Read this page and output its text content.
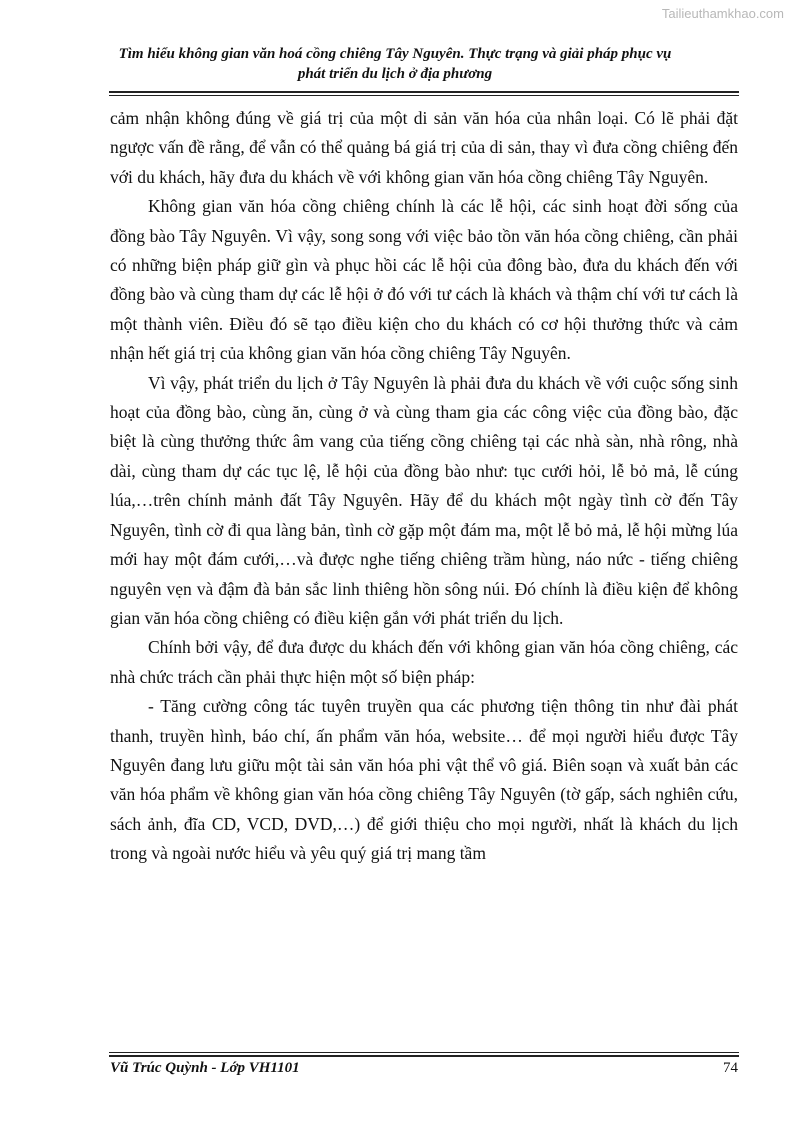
Tailieuthamkhao.com
Tìm hiểu không gian văn hoá cồng chiêng Tây Nguyên. Thực trạng và giải pháp phục vụ
phát triển du lịch ở địa phương

cảm nhận không đúng về giá trị của một di sản văn hóa của nhân loại. Có lẽ phải đặt ngược vấn đề rằng, để vẫn có thể quảng bá giá trị của di sản, thay vì đưa cồng chiêng đến với du khách, hãy đưa du khách về với không gian văn hóa cồng chiêng Tây Nguyên.

Không gian văn hóa cồng chiêng chính là các lễ hội, các sinh hoạt đời sống của đồng bào Tây Nguyên. Vì vậy, song song với việc bảo tồn văn hóa cồng chiêng, cần phải có những biện pháp giữ gìn và phục hồi các lễ hội của đông bào, đưa du khách đến với đồng bào và cùng tham dự các lễ hội ở đó với tư cách là khách và thậm chí với tư cách là một thành viên. Điều đó sẽ tạo điều kiện cho du khách có cơ hội thưởng thức và cảm nhận hết giá trị của không gian văn hóa cồng chiêng Tây Nguyên.

Vì vậy, phát triển du lịch ở Tây Nguyên là phải đưa du khách về với cuộc sống sinh hoạt của đồng bào, cùng ăn, cùng ở và cùng tham gia các công việc của đồng bào, đặc biệt là cùng thưởng thức âm vang của tiếng cồng chiêng tại các nhà sàn, nhà rông, nhà dài, cùng tham dự các tục lệ, lễ hội của đồng bào như: tục cưới hỏi, lễ bỏ mả, lễ cúng lúa,…trên chính mảnh đất Tây Nguyên. Hãy để du khách một ngày tình cờ đến Tây Nguyên, tình cờ đi qua làng bản, tình cờ gặp một đám ma, một lễ bỏ mả, lễ hội mừng lúa mới hay một đám cưới,…và được nghe tiếng chiêng trầm hùng, náo nức - tiếng chiêng nguyên vẹn và đậm đà bản sắc linh thiêng hồn sông núi. Đó chính là điều kiện để không gian văn hóa cồng chiêng có điều kiện gắn với phát triển du lịch.

Chính bởi vậy, để đưa được du khách đến với không gian văn hóa cồng chiêng, các nhà chức trách cần phải thực hiện một số biện pháp:

- Tăng cường công tác tuyên truyền qua các phương tiện thông tin như đài phát thanh, truyền hình, báo chí, ấn phẩm văn hóa, website… để mọi người hiểu được Tây Nguyên đang lưu giữu một tài sản văn hóa phi vật thể vô giá. Biên soạn và xuất bản các văn hóa phẩm về không gian văn hóa cồng chiêng Tây Nguyên (tờ gấp, sách nghiên cứu, sách ảnh, đĩa CD, VCD, DVD,…) để giới thiệu cho mọi người, nhất là khách du lịch trong và ngoài nước hiểu và yêu quý giá trị mang tầm

Vũ Trúc Quỳnh - Lớp VH1101	74
